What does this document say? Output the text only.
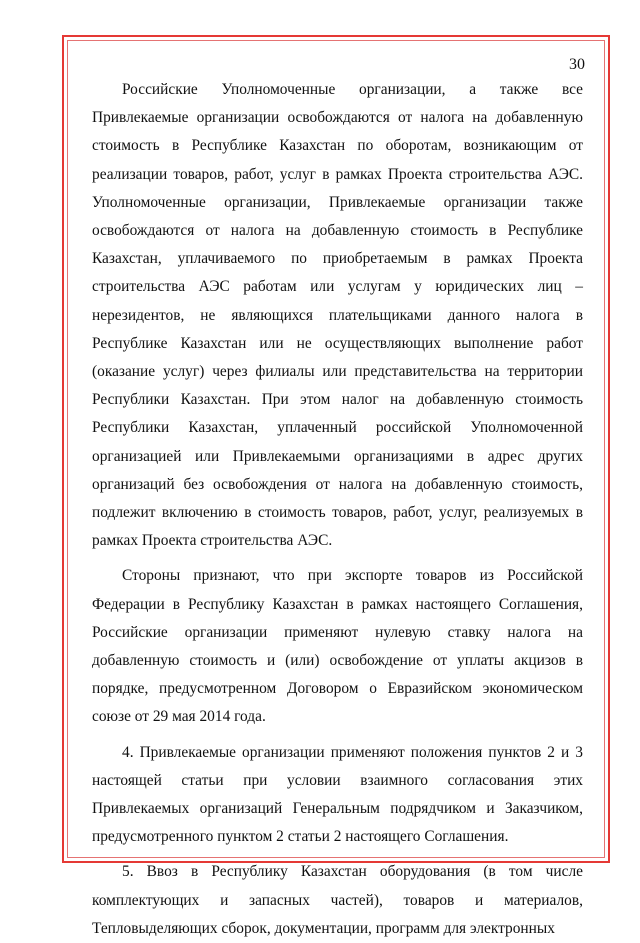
30

Российские Уполномоченные организации, а также все Привлекаемые организации освобождаются от налога на добавленную стоимость в Республике Казахстан по оборотам, возникающим от реализации товаров, работ, услуг в рамках Проекта строительства АЭС. Уполномоченные организации, Привлекаемые организации также освобождаются от налога на добавленную стоимость в Республике Казахстан, уплачиваемого по приобретаемым в рамках Проекта строительства АЭС работам или услугам у юридических лиц – нерезидентов, не являющихся плательщиками данного налога в Республике Казахстан или не осуществляющих выполнение работ (оказание услуг) через филиалы или представительства на территории Республики Казахстан. При этом налог на добавленную стоимость Республики Казахстан, уплаченный российской Уполномоченной организацией или Привлекаемыми организациями в адрес других организаций без освобождения от налога на добавленную стоимость, подлежит включению в стоимость товаров, работ, услуг, реализуемых в рамках Проекта строительства АЭС.

Стороны признают, что при экспорте товаров из Российской Федерации в Республику Казахстан в рамках настоящего Соглашения, Российские организации применяют нулевую ставку налога на добавленную стоимость и (или) освобождение от уплаты акцизов в порядке, предусмотренном Договором о Евразийском экономическом союзе от 29 мая 2014 года.

4. Привлекаемые организации применяют положения пунктов 2 и 3 настоящей статьи при условии взаимного согласования этих Привлекаемых организаций Генеральным подрядчиком и Заказчиком, предусмотренного пунктом 2 статьи 2 настоящего Соглашения.

5. Ввоз в Республику Казахстан оборудования (в том числе комплектующих и запасных частей), товаров и материалов, Тепловыделяющих сборок, документации, программ для электронных
